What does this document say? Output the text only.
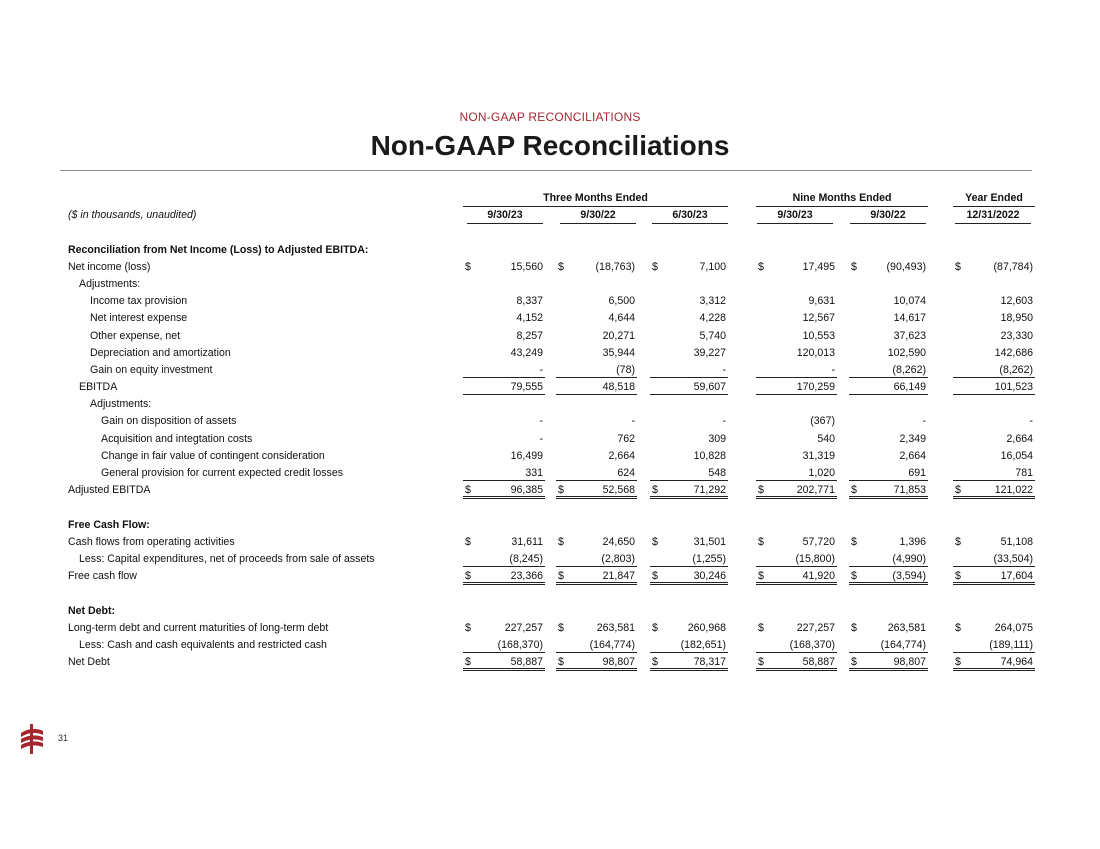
NON-GAAP RECONCILIATIONS
Non-GAAP Reconciliations
Three Months Ended	Nine Months Ended	Year Ended
($ in thousands, unaudited)	9/30/23	9/30/22	6/30/23	9/30/23	9/30/22	12/31/2022
Reconciliation from Net Income (Loss) to Adjusted EBITDA:
Net income (loss)	$	15,560 $	(18,763) $	7,100	$	17,495 $	(90,493)	$	(87,784)
Adjustments:
Income tax provision	8,337	6,500	3,312	9,631	10,074	12,603
Net interest expense	4,152	4,644	4,228	12,567	14,617	18,950
Other expense, net	8,257	20,271	5,740	10,553	37,623	23,330
Depreciation and amortization	43,249	35,944	39,227	120,013	102,590	142,686
Gain on equity investment	-	(78)	-	-	(8,262)	(8,262)
EBITDA	79,555	48,518	59,607	170,259	66,149	101,523
Adjustments:
Gain on disposition of assets	-	-	-	(367)	-	-
Acquisition and integtation costs	-	762	309	540	2,349	2,664
Change in fair value of contingent consideration	16,499	2,664	10,828	31,319	2,664	16,054
General provision for current expected credit losses	331	624	548	1,020	691	781
Adjusted EBITDA	$	96,385 $	52,568 $	71,292	$	202,771 $	71,853	$	121,022
Free Cash Flow:
Cash flows from operating activities	$	31,611 $	24,650 $	31,501	$	57,720 $	1,396	$	51,108
Less: Capital expenditures, net of proceeds from sale of assets	(8,245)	(2,803)	(1,255)	(15,800)	(4,990)	(33,504)
Free cash flow	$	23,366 $	21,847 $	30,246	$	41,920 $	(3,594)	$	17,604
Net Debt:
Long-term debt and current maturities of long-term debt	$	227,257 $	263,581 $	260,968	$	227,257 $	263,581	$	264,075
Less: Cash and cash equivalents and restricted cash	(168,370)	(164,774)	(182,651)	(168,370)	(164,774)	(189,111)
Net Debt	$	58,887 $	98,807 $	78,317	$	58,887 $	98,807	$	74,964
31
